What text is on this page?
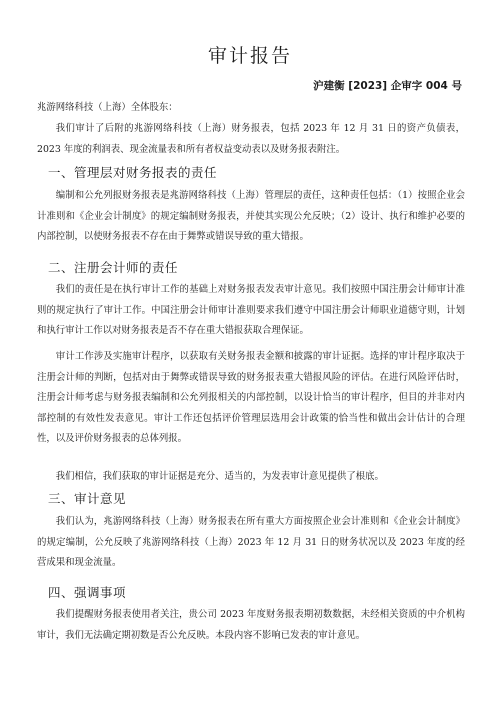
审计报告
沪建衡 [2023] 企审字 004 号
兆游网络科技（上海）全体股东：

我们审计了后附的兆游网络科技（上海）财务报表，包括 2023 年 12 月 31 日的资产负债表，2023 年度的利润表、现金流量表和所有者权益变动表以及财务报表附注。

一、管理层对财务报表的责任

编制和公允列报财务报表是兆游网络科技（上海）管理层的责任，这种责任包括：（1）按照企业会计准则和《企业会计制度》的规定编制财务报表，并使其实现公允反映；（2）设计、执行和维护必要的内部控制，以使财务报表不存在由于舞弊或错误导致的重大错报。

二、注册会计师的责任

我们的责任是在执行审计工作的基础上对财务报表发表审计意见。我们按照中国注册会计师审计准则的规定执行了审计工作。中国注册会计师审计准则要求我们遵守中国注册会计师职业道德守则，计划和执行审计工作以对财务报表是否不存在重大错报获取合理保证。

审计工作涉及实施审计程序，以获取有关财务报表金额和披露的审计证据。选择的审计程序取决于注册会计师的判断，包括对由于舞弊或错误导致的财务报表重大错报风险的评估。在进行风险评估时，注册会计师考虑与财务报表编制和公允列报相关的内部控制，以设计恰当的审计程序，但目的并非对内部控制的有效性发表意见。审计工作还包括评价管理层选用会计政策的恰当性和做出会计估计的合理性，以及评价财务报表的总体列报。

我们相信，我们获取的审计证据是充分、适当的，为发表审计意见提供了根底。

三、审计意见

我们认为，兆游网络科技（上海）财务报表在所有重大方面按照企业会计准则和《企业会计制度》的规定编制，公允反映了兆游网络科技（上海）2023 年 12 月 31 日的财务状况以及 2023 年度的经营成果和现金流量。

四、强调事项

我们提醒财务报表使用者关注，贵公司 2023 年度财务报表期初数数据，未经相关资质的中介机构审计，我们无法确定期初数是否公允反映。本段内容不影响已发表的审计意见。
